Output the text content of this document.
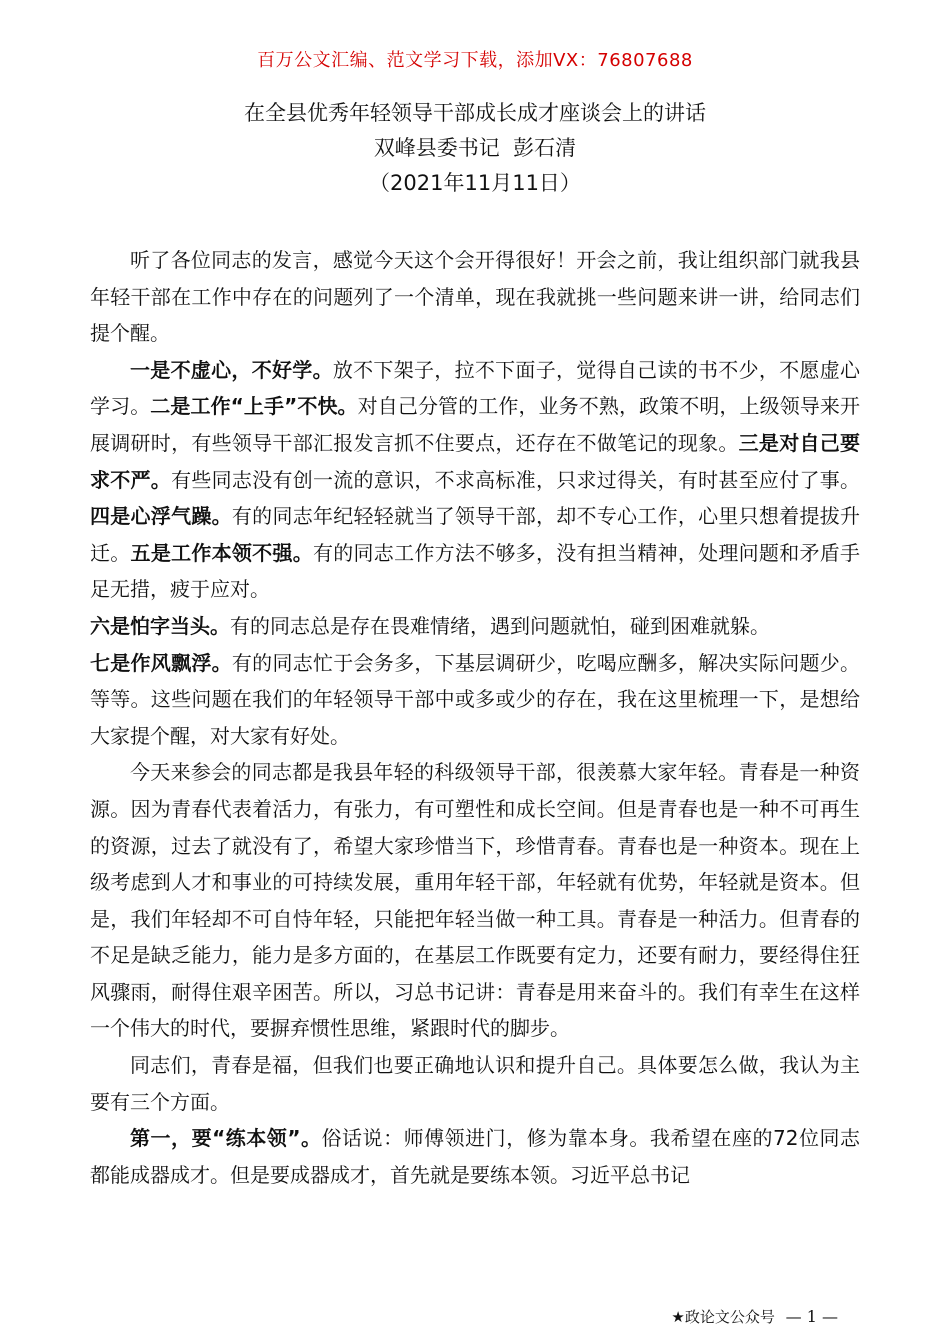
百万公文汇编、范文学习下载，添加VX：76807688
在全县优秀年轻领导干部成长成才座谈会上的讲话
双峰县委书记  彭石清
（2021年11月11日）

听了各位同志的发言，感觉今天这个会开得很好！开会之前，我让组织部门就我县年轻干部在工作中存在的问题列了一个清单，现在我就挑一些问题来讲一讲，给同志们提个醒。

一是不虚心，不好学。放不下架子，拉不下面子，觉得自己读的书不少，不愿虚心学习。二是工作“上手”不快。对自己分管的工作，业务不熟，政策不明，上级领导来开展调研时，有些领导干部汇报发言抓不住要点，还存在不做笔记的现象。三是对自己要求不严。有些同志没有创一流的意识，不求高标准，只求过得关，有时甚至应付了事。四是心浮气躁。有的同志年纪轻轻就当了领导干部，却不专心工作，心里只想着提拔升迁。五是工作本领不强。有的同志工作方法不够多，没有担当精神，处理问题和矛盾手足无措，疲于应对。
六是怕字当头。有的同志总是存在畏难情绪，遇到问题就怕，碰到困难就躲。
七是作风飘浮。有的同志忙于会务多，下基层调研少，吃喝应酬多，解决实际问题少。等等。这些问题在我们的年轻领导干部中或多或少的存在，我在这里梳理一下，是想给大家提个醒，对大家有好处。

今天来参会的同志都是我县年轻的科级领导干部，很羡慕大家年轻。青春是一种资源。因为青春代表着活力，有张力，有可塑性和成长空间。但是青春也是一种不可再生的资源，过去了就没有了，希望大家珍惜当下，珍惜青春。青春也是一种资本。现在上级考虑到人才和事业的可持续发展，重用年轻干部，年轻就有优势，年轻就是资本。但是，我们年轻却不可自恃年轻，只能把年轻当做一种工具。青春是一种活力。但青春的不足是缺乏能力，能力是多方面的，在基层工作既要有定力，还要有耐力，要经得住狂风骤雨，耐得住艰辛困苦。所以，习总书记讲：青春是用来奋斗的。我们有幸生在这样一个伟大的时代，要摒弃惯性思维，紧跟时代的脚步。

同志们，青春是福，但我们也要正确地认识和提升自己。具体要怎么做，我认为主要有三个方面。

第一，要“练本领”。俗话说：师傅领进门，修为靠本身。我希望在座的72位同志都能成器成才。但是要成器成才，首先就是要练本领。习近平总书记

★政论文公众号 — 1 —
